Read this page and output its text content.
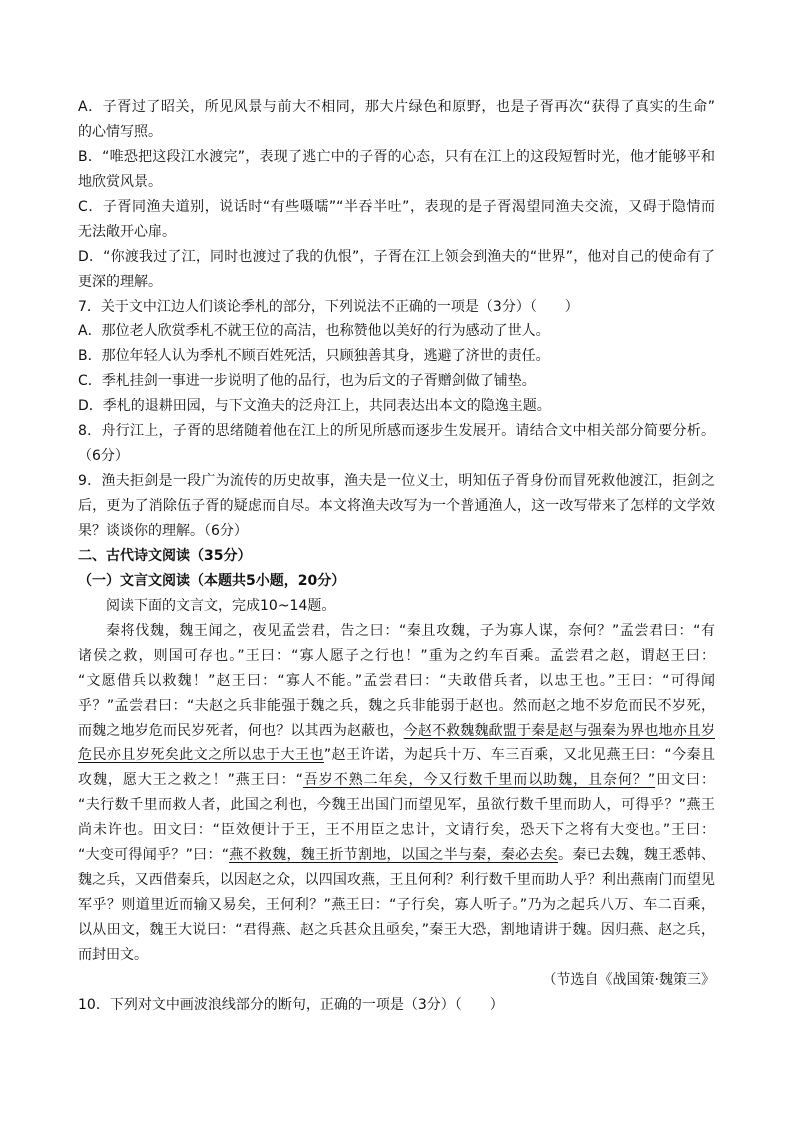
A．子胥过了昭关，所见风景与前大不相同，那大片绿色和原野，也是子胥再次“获得了真实的生命”
的心情写照。
B．“唯恐把这段江水渡完”，表现了逃亡中的子胥的心态，只有在江上的这段短暂时光，他才能够平和
地欣赏风景。
C．子胥同渔夫道别，说话时“有些嗫嚅”“半吞半吐”，表现的是子胥渴望同渔夫交流，又碍于隐情而
无法敞开心扉。
D．“你渡我过了江，同时也渡过了我的仇恨”，子胥在江上领会到渔夫的“世界”，他对自己的使命有了
更深的理解。
7．关于文中江边人们谈论季札的部分，下列说法不正确的一项是（3分）（　　）
A．那位老人欣赏季札不就王位的高洁，也称赞他以美好的行为感动了世人。
B．那位年轻人认为季札不顾百姓死活，只顾独善其身，逃避了济世的责任。
C．季札挂剑一事进一步说明了他的品行，也为后文的子胥赠剑做了铺垫。
D．季札的退耕田园，与下文渔夫的泛舟江上，共同表达出本文的隐逸主题。
8．舟行江上，子胥的思绪随着他在江上的所见所感而逐步生发展开。请结合文中相关部分简要分析。
（6分）
9．渔夫拒剑是一段广为流传的历史故事，渔夫是一位义士，明知伍子胥身份而冒死救他渡江，拒剑之
后，更为了消除伍子胥的疑虑而自尽。本文将渔夫改写为一个普通渔人，这一改写带来了怎样的文学效
果？谈谈你的理解。（6分）
二、古代诗文阅读（35分）
（一）文言文阅读（本题共5小题，20分）
阅读下面的文言文，完成10~14题。
秦将伐魏，魏王闻之，夜见孟尝君，告之曰：“秦且攻魏，子为寡人谋，奈何？”孟尝君曰：“有
诸侯之救，则国可存也。”王曰：“寡人愿子之行也！”重为之约车百乘。孟尝君之赵，谓赵王曰：
“文愿借兵以救魏！”赵王曰：“寡人不能。”孟尝君曰：“夫敢借兵者，以忠王也。”王曰：“可得闻
乎？”孟尝君曰：“夫赵之兵非能强于魏之兵，魏之兵非能弱于赵也。然而赵之地不岁危而民不岁死，
而魏之地岁危而民岁死者，何也？以其西为赵蔽也，今赵不救魏魏歃盟于秦是赵与强秦为界也地亦且岁
危民亦且岁死矣此文之所以忠于大王也”赵王许诺，为起兵十万、车三百乘，又北见燕王曰：“今秦且
攻魏，愿大王之救之！”燕王曰：“吾岁不熟二年矣，今又行数千里而以助魏，且奈何？”田文曰：
“夫行数千里而救人者，此国之利也，今魏王出国门而望见军，虽欲行数千里而助人，可得乎？”燕王
尚未许也。田文曰：“臣效便计于王，王不用臣之忠计，文请行矣，恐天下之将有大变也。”王曰：
“大变可得闻乎？”曰：“燕不救魏，魏王折节割地，以国之半与秦，秦必去矣。秦已去魏，魏王悉韩、
魏之兵，又西借秦兵，以因赵之众，以四国攻燕，王且何利？利行数千里而助人乎？利出燕南门而望见
军乎？则道里近而输又易矣，王何利？”燕王曰：“子行矣，寡人听子。”乃为之起兵八万、车二百乘，
以从田文，魏王大说曰：“君得燕、赵之兵甚众且亟矣，”秦王大恐，割地请讲于魏。因归燕、赵之兵，
而封田文。
（节选自《战国策·魏策三》
10．下列对文中画波浪线部分的断句，正确的一项是（3分）（　　）
